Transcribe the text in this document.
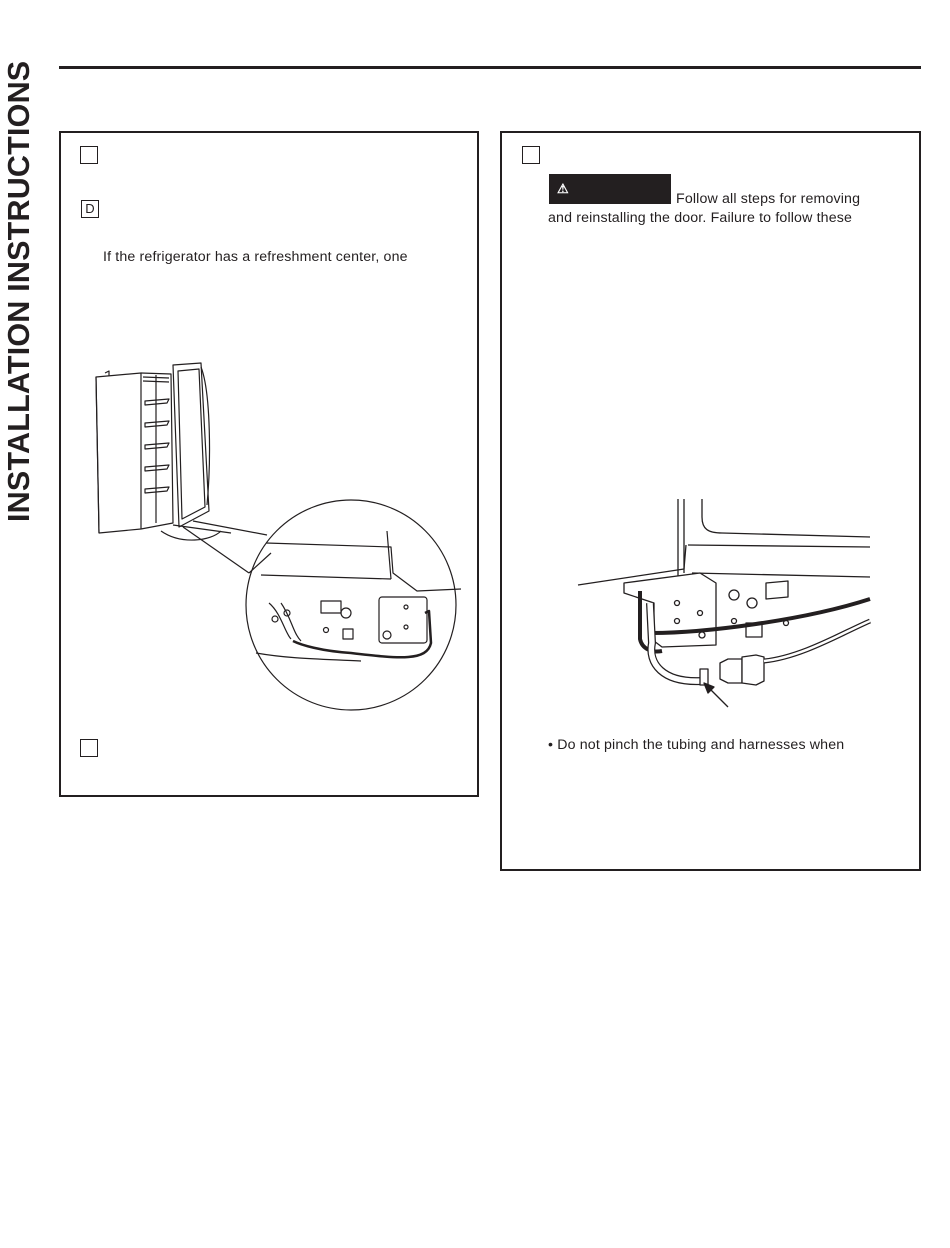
INSTALLATION INSTRUCTIONS	D
If the refrigerator has a refreshment center, one
⚠
Follow all steps for removing
and reinstalling the door. Failure to follow these
• Do not pinch the tubing and harnesses when
